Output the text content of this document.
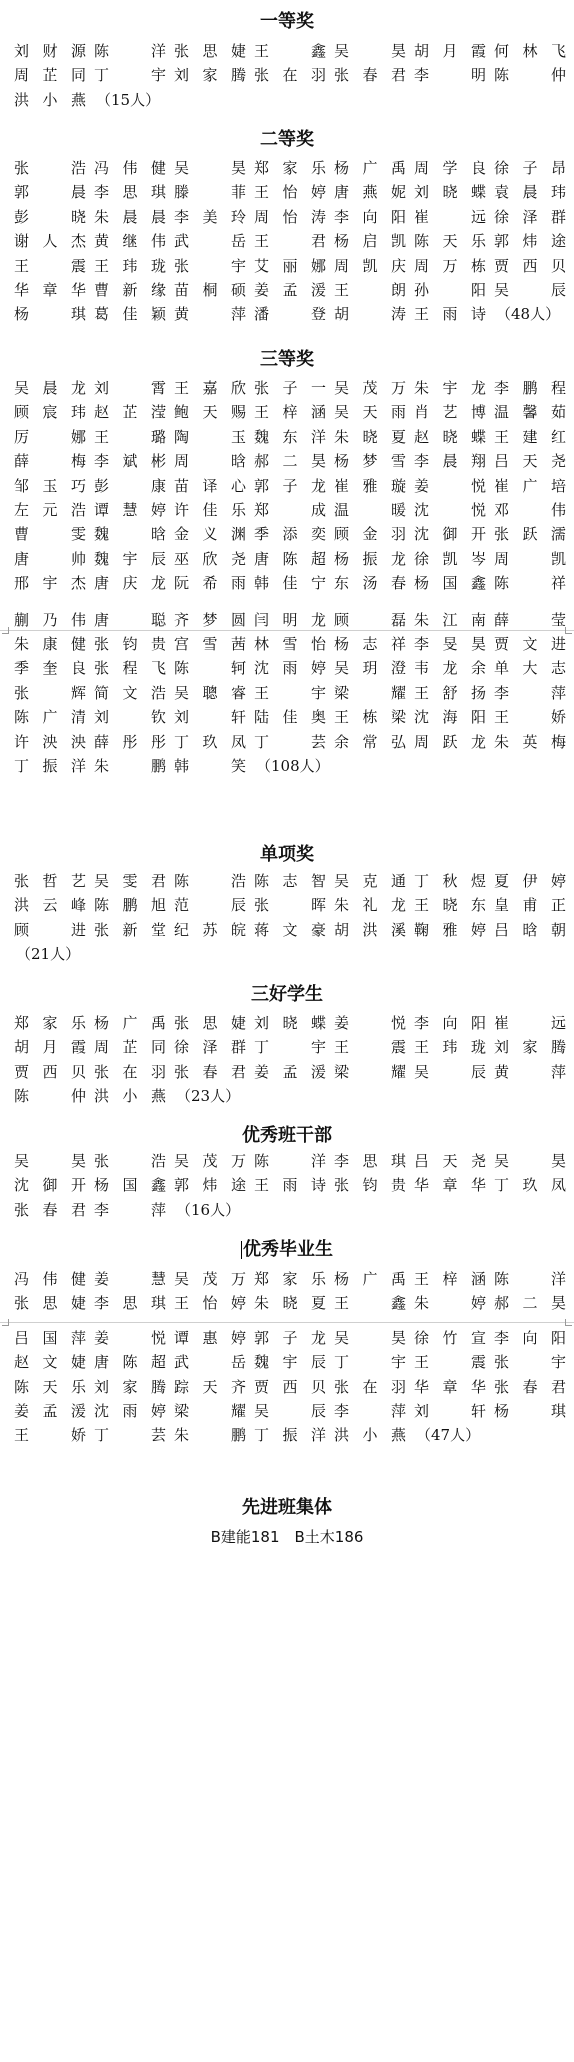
一等奖
刘财源 陈　洋 张思婕 王　鑫 吴　昊 胡月霞 何林飞
周芷同 丁　宇 刘家腾 张在羽 张春君 李　明 陈　仲
洪小燕 （15人）
二等奖
张　浩 冯伟健 吴　昊 郑家乐 杨广禹 周学良 徐子昂
郭　晨 李思琪 滕　菲 王怡婷 唐燕妮 刘晓蝶 袁晨玮
彭　晓 朱晨晨 李美玲 周怡涛 李向阳 崔　远 徐泽群
谢人杰 黄继伟 武　岳 王　君 杨启凯 陈天乐 郭炜途
王　震 王玮珑 张　宇 艾丽娜 周凯庆 周万栋 贾西贝
华章华 曹新缘 苗桐硕 姜孟湲 王　朗 孙　阳 吴　辰
杨　琪 葛佳颖 黄　萍 潘　登 胡　涛 王雨诗 （48人）
三等奖
吴晨龙 刘　霄 王嘉欣 张子一 吴茂万 朱宇龙 李鹏程
顾宸玮 赵芷滢 鲍天赐 王梓涵 吴天雨 肖艺博 温馨茹
厉　娜 王　璐 陶　玉 魏东洋 朱晓夏 赵晓蝶 王建红
薛　梅 李斌彬 周　晗 郝二昊 杨梦雪 李晨翔 吕天尧
邹玉巧 彭　康 苗译心 郭子龙 崔雅璇 姜　悦 崔广培
左元浩 谭慧婷 许佳乐 郑　成 温　暖 沈　悦 邓　伟
曹　雯 魏　晗 金义渊 季添奕 顾金羽 沈御开 张跃濡
唐　帅 魏宇辰 巫欣尧 唐陈超 杨振龙 徐凯岑 周　凯
邢宇杰 唐庆龙 阮希雨 韩佳宁 东汤春 杨国鑫 陈　祥
蒯乃伟 唐　聪 齐梦圆 闫明龙 顾　磊 朱江南 薛　莹
朱康健 张钧贵 宫雪茜 林雪怡 杨志祥 李旻昊 贾文进
季奎良 张程飞 陈　轲 沈雨婷 吴玥澄 韦龙余 单大志
张　辉 简文浩 吴聰睿 王　宇 梁　耀 王舒扬 李　萍
陈广清 刘　钦 刘　轩 陆佳奥 王栋梁 沈海阳 王　娇
许泱泱 薛彤彤 丁玖凤 丁　芸 余常弘 周跃龙 朱英梅
丁振洋 朱　鹏 韩　笑 （108人）
单项奖
张哲艺 吴雯君 陈　浩 陈志智 吴克通 丁秋煜 夏伊婷
洪云峰 陈鹏旭 范　辰 张　晖 朱礼龙 王晓东 皇甫正
顾　进 张新堂 纪苏皖 蒋文豪 胡洪溪 鞠雅婷 吕晗朝
（21人）
三好学生
郑家乐 杨广禹 张思婕 刘晓蝶 姜　悦 李向阳 崔　远
胡月霞 周芷同 徐泽群 丁　宇 王　震 王玮珑 刘家腾
贾西贝 张在羽 张春君 姜孟湲 梁　耀 吴　辰 黄　萍
陈　仲 洪小燕 （23人）
优秀班干部
吴　昊 张　浩 吴茂万 陈　洋 李思琪 吕天尧 吴　昊
沈御开 杨国鑫 郭炜途 王雨诗 张钧贵 华章华 丁玖凤
张春君 李　萍 （16人）
优秀毕业生
冯伟健 姜　慧 吴茂万 郑家乐 杨广禹 王梓涵 陈　洋
张思婕 李思琪 王怡婷 朱晓夏 王　鑫 朱　婷 郝二昊
吕国萍 姜　悦 谭惠婷 郭子龙 吴　昊 徐竹宣 李向阳
赵文婕 唐陈超 武　岳 魏宇辰 丁　宇 王　震 张　宇
陈天乐 刘家腾 踪天齐 贾西贝 张在羽 华章华 张春君
姜孟湲 沈雨婷 梁　耀 吴　辰 李　萍 刘　轩 杨　琪
王　娇 丁　芸 朱　鹏 丁振洋 洪小燕 （47人）
先进班集体
B建能181　B土木186
